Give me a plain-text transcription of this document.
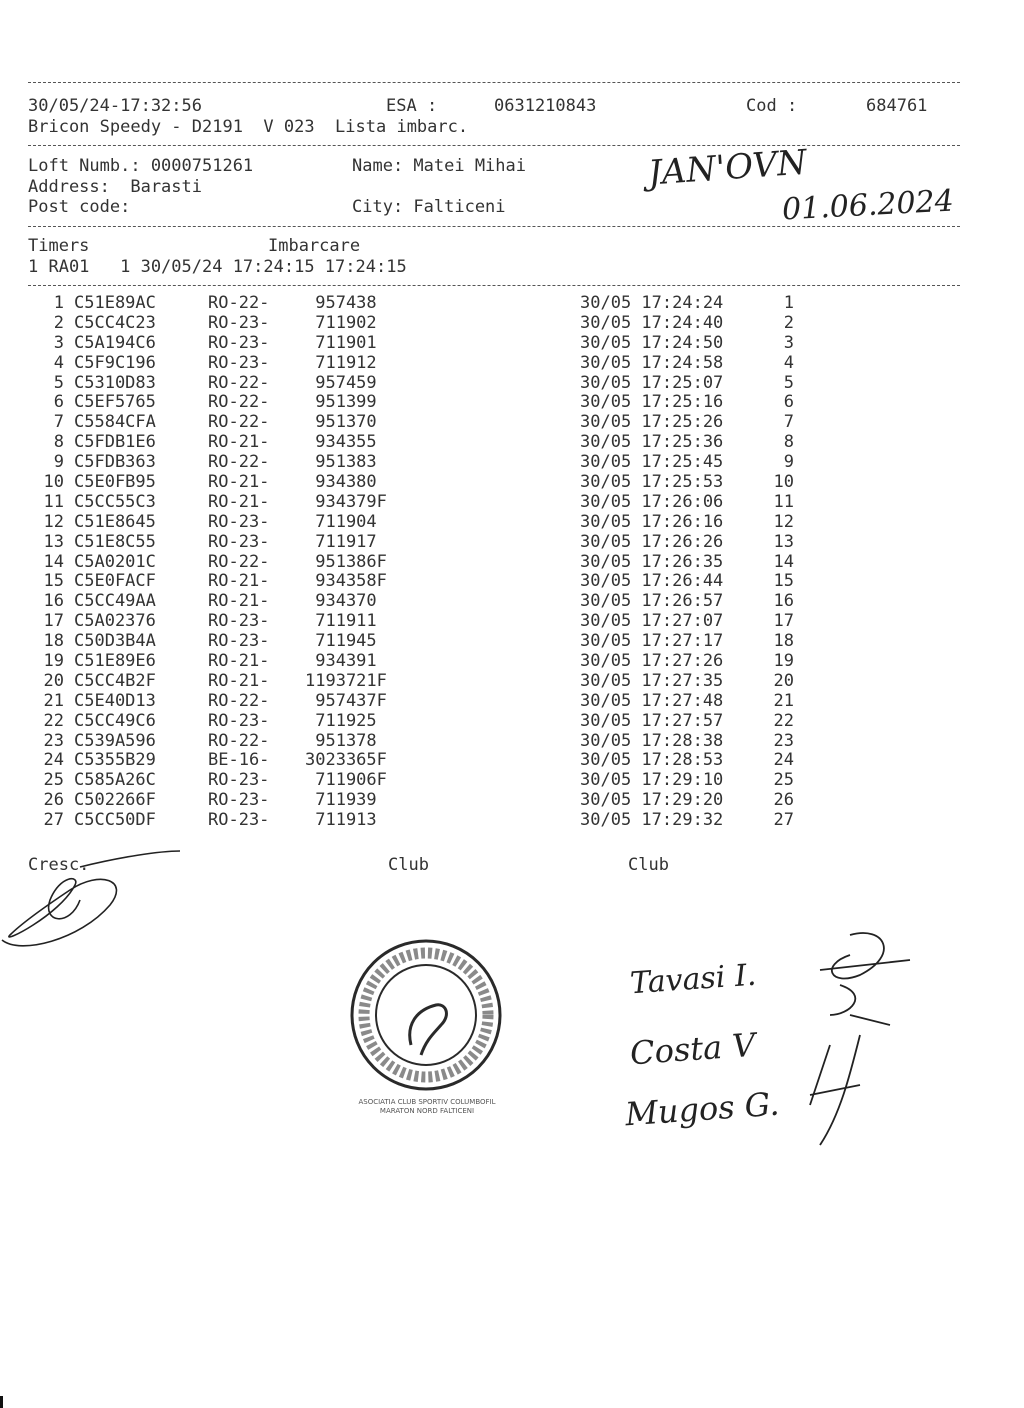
30/05/24-17:32:56	ESA :	0631210843	Cod :	684761
Bricon Speedy - D2191  V 023  Lista imbarc.
Loft Numb.: 0000751261	Name: Matei Mihai
Address:  Barasti
Post code:	City: Falticeni
JAN'OVN
01.06.2024
Timers	Imbarcare
1 RA01   1 30/05/24 17:24:15 17:24:15
1 C51E89AC	RO-22- 957438	30/05 17:24:24	1
2 C5CC4C23	RO-23- 711902	30/05 17:24:40	2
3 C5A194C6	RO-23- 711901	30/05 17:24:50	3
4 C5F9C196	RO-23- 711912	30/05 17:24:58	4
5 C5310D83	RO-22- 957459	30/05 17:25:07	5
6 C5EF5765	RO-22- 951399	30/05 17:25:16	6
7 C5584CFA	RO-22- 951370	30/05 17:25:26	7
8 C5FDB1E6	RO-21- 934355	30/05 17:25:36	8
9 C5FDB363	RO-22- 951383	30/05 17:25:45	9
10 C5E0FB95	RO-21- 934380	30/05 17:25:53	10
11 C5CC55C3	RO-21- 934379F	30/05 17:26:06	11
12 C51E8645	RO-23- 711904	30/05 17:26:16	12
13 C51E8C55	RO-23- 711917	30/05 17:26:26	13
14 C5A0201C	RO-22- 951386F	30/05 17:26:35	14
15 C5E0FACF	RO-21- 934358F	30/05 17:26:44	15
16 C5CC49AA	RO-21- 934370	30/05 17:26:57	16
17 C5A02376	RO-23- 711911	30/05 17:27:07	17
18 C50D3B4A	RO-23- 711945	30/05 17:27:17	18
19 C51E89E6	RO-21- 934391	30/05 17:27:26	19
20 C5CC4B2F	RO-21- 1193721F	30/05 17:27:35	20
21 C5E40D13	RO-22- 957437F	30/05 17:27:48	21
22 C5CC49C6	RO-23- 711925	30/05 17:27:57	22
23 C539A596	RO-22- 951378	30/05 17:28:38	23
24 C5355B29	BE-16- 3023365F	30/05 17:28:53	24
25 C585A26C	RO-23- 711906F	30/05 17:29:10	25
26 C502266F	RO-23- 711939	30/05 17:29:20	26
27 C5CC50DF	RO-23- 711913	30/05 17:29:32	27
Cresc.	Club	Club
ASOCIATIA CLUB SPORTIV COLUMBOFIL MARATON NORD FALTICENI
Tavasi I.
Costa V
Mugos G.
